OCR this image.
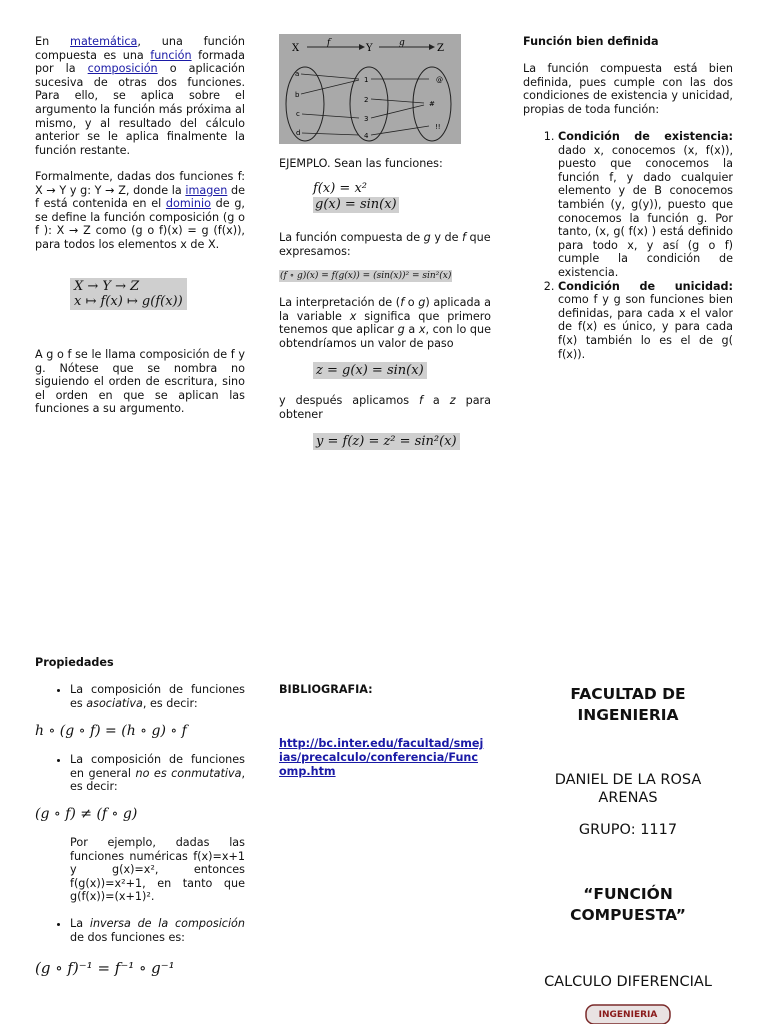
En matemática, una función compuesta es una función formada por la composición o aplicación sucesiva de otras dos funciones. Para ello, se aplica sobre el argumento la función más próxima al mismo, y al resultado del cálculo anterior se le aplica finalmente la función restante.
Formalmente, dadas dos funciones f: X → Y y g: Y → Z, donde la imagen de f está contenida en el dominio de g, se define la función composición (g o f ): X → Z como (g o f)(x) = g (f(x)), para todos los elementos x de X.
X → Y → Z
x ↦ f(x) ↦ g(f(x))
A g o f se le llama composición de f y g. Nótese que se nombra no siguiendo el orden de escritura, sino el orden en que se aplican las funciones a su argumento.
X	f	Y	g	Z
a
b
c
d
1
2
3
4
@
#
!!
EJEMPLO. Sean las funciones:
f(x) = x²
g(x) = sin(x)
La función compuesta de g y de f que expresamos:
(f ∘ g)(x) = f(g(x)) = (sin(x))² = sin²(x)
La interpretación de (f o g) aplicada a la variable x significa que primero tenemos que aplicar g a x, con lo que obtendríamos un valor de paso
z = g(x) = sin(x)
y después aplicamos f a z para obtener
y = f(z) = z² = sin²(x)
Función bien definida
La función compuesta está bien definida, pues cumple con las dos condiciones de existencia y unicidad, propias de toda función:
1. Condición de existencia: dado x, conocemos (x, f(x)), puesto que conocemos la función f, y dado cualquier elemento y de B conocemos también (y, g(y)), puesto que conocemos la función g. Por tanto, (x, g( f(x) ) está definido para todo x, y así (g o f) cumple la condición de existencia.
2. Condición de unicidad: como f y g son funciones bien definidas, para cada x el valor de f(x) es único, y para cada f(x) también lo es el de g( f(x)).
Propiedades
• La composición de funciones es asociativa, es decir:
h ∘ (g ∘ f) = (h ∘ g) ∘ f
• La composición de funciones en general no es conmutativa, es decir:
(g ∘ f) ≠ (f ∘ g)
Por ejemplo, dadas las funciones numéricas f(x)=x+1 y g(x)=x², entonces f(g(x))=x²+1, en tanto que g(f(x))=(x+1)².
• La inversa de la composición de dos funciones es:
(g ∘ f)⁻¹ = f⁻¹ ∘ g⁻¹
BIBLIOGRAFIA:
http://bc.inter.edu/facultad/smejias/precalculo/conferencia/Funcomp.htm
FACULTAD DE INGENIERIA
DANIEL DE LA ROSA ARENAS
GRUPO: 1117
“FUNCIÓN COMPUESTA”
CALCULO DIFERENCIAL
INGENIERIA
